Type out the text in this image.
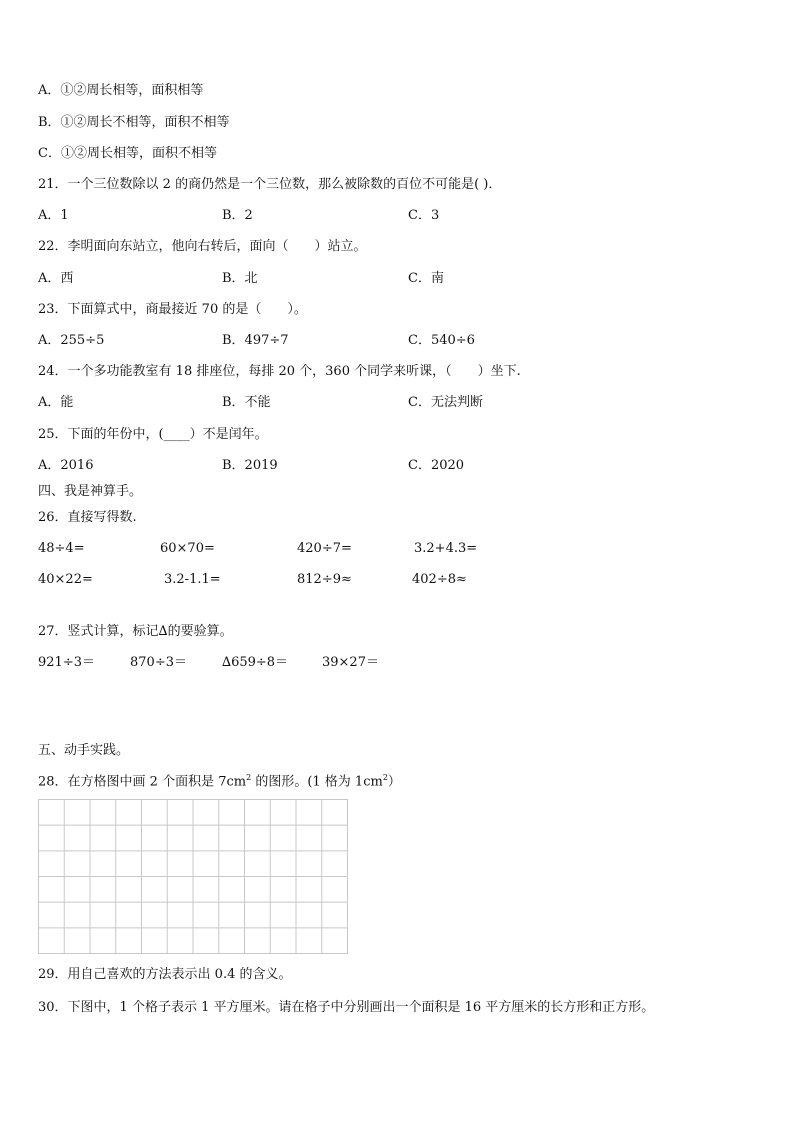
A．①②周长相等，面积相等
B．①②周长不相等，面积不相等
C．①②周长相等，面积不相等
21．一个三位数除以 2 的商仍然是一个三位数，那么被除数的百位不可能是( )．
A．1	B．2	C．3
22．李明面向东站立，他向右转后，面向（　　）站立。
A．西	B．北	C．南
23．下面算式中，商最接近 70 的是（　　）。
A．255÷5	B．497÷7	C．540÷6
24．一个多功能教室有 18 排座位，每排 20 个，360 个同学来听课，（　　）坐下.
A．能	B．不能	C．无法判断
25．下面的年份中，(____）不是闰年。
A．2016	B．2019	C．2020
四、我是神算手。
26．直接写得数.
48÷4=	60×70=	420÷7=	3.2+4.3=
40×22=	3.2-1.1=	812÷9≈	402÷8≈
27．竖式计算，标记∆的要验算。
921÷3＝	870÷3＝	∆659÷8＝	39×27＝
五、动手实践。
28．在方格图中画 2 个面积是 $7cm^2$ 的图形。(1 格为 $1cm^2$）
29．用自己喜欢的方法表示出 0.4 的含义。
30．下图中，1 个格子表示 1 平方厘米。请在格子中分别画出一个面积是 16 平方厘米的长方形和正方形。
